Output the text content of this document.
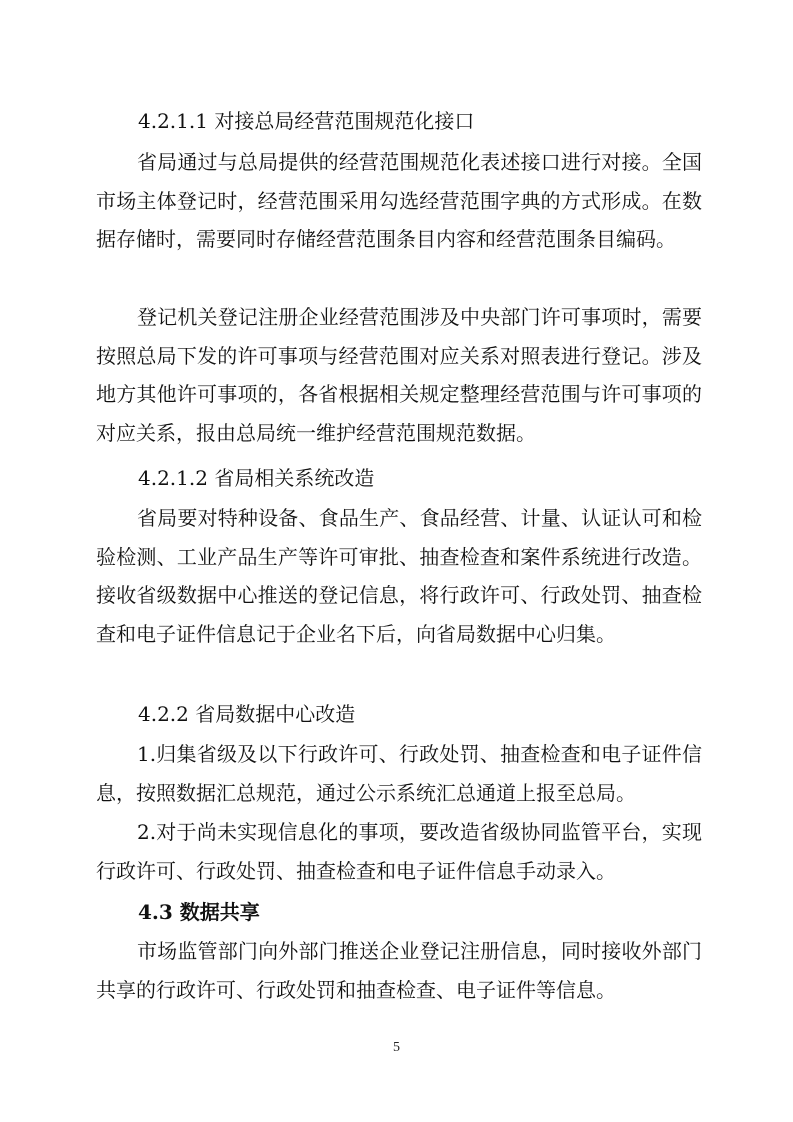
4.2.1.1 对接总局经营范围规范化接口

省局通过与总局提供的经营范围规范化表述接口进行对接。全国市场主体登记时，经营范围采用勾选经营范围字典的方式形成。在数据存储时，需要同时存储经营范围条目内容和经营范围条目编码。

登记机关登记注册企业经营范围涉及中央部门许可事项时，需要按照总局下发的许可事项与经营范围对应关系对照表进行登记。涉及地方其他许可事项的，各省根据相关规定整理经营范围与许可事项的对应关系，报由总局统一维护经营范围规范数据。

4.2.1.2 省局相关系统改造

省局要对特种设备、食品生产、食品经营、计量、认证认可和检验检测、工业产品生产等许可审批、抽查检查和案件系统进行改造。接收省级数据中心推送的登记信息，将行政许可、行政处罚、抽查检查和电子证件信息记于企业名下后，向省局数据中心归集。

4.2.2 省局数据中心改造

1.归集省级及以下行政许可、行政处罚、抽查检查和电子证件信息，按照数据汇总规范，通过公示系统汇总通道上报至总局。

2.对于尚未实现信息化的事项，要改造省级协同监管平台，实现行政许可、行政处罚、抽查检查和电子证件信息手动录入。

4.3 数据共享

市场监管部门向外部门推送企业登记注册信息，同时接收外部门共享的行政许可、行政处罚和抽查检查、电子证件等信息。

5
